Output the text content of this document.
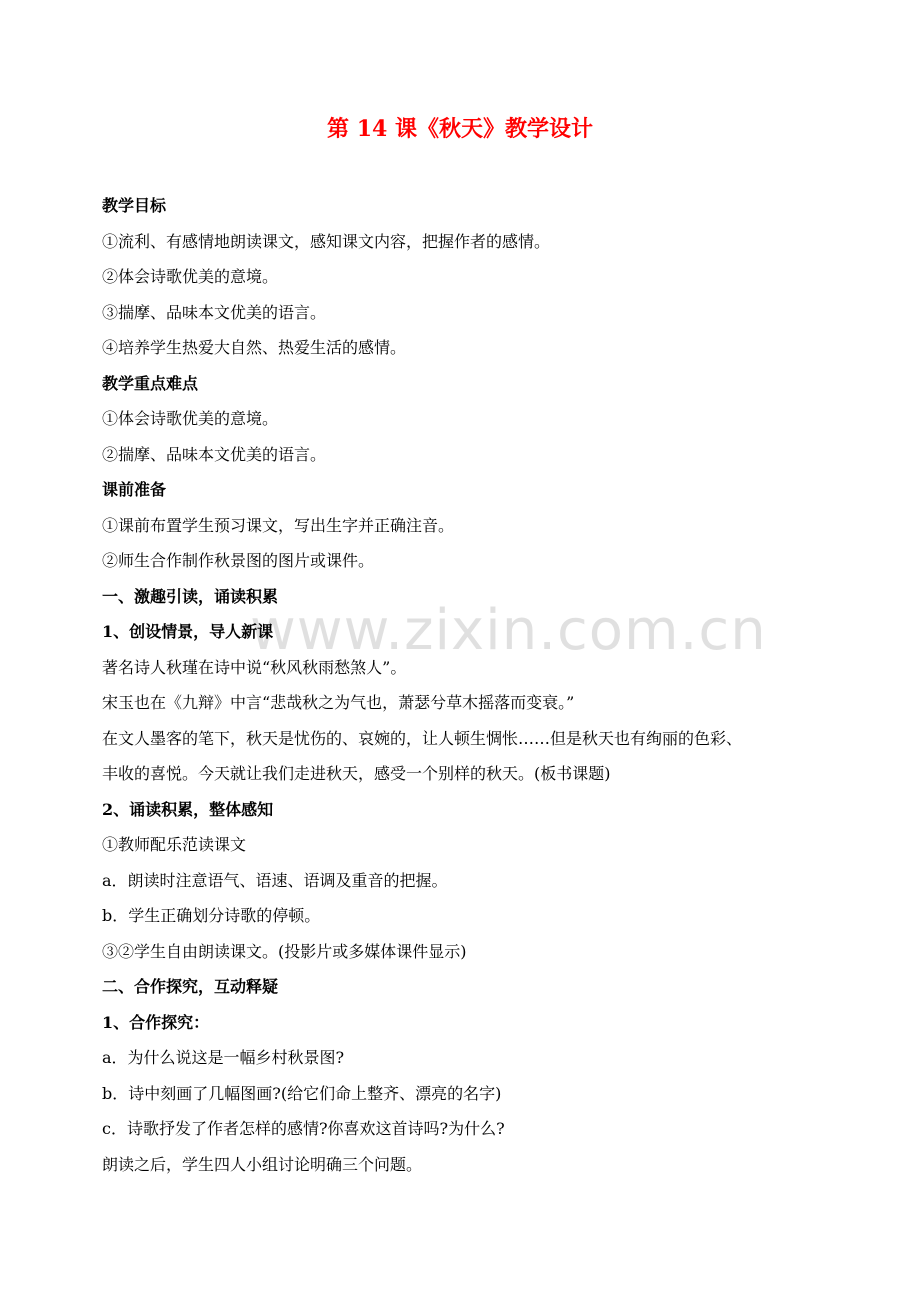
第 14 课《秋天》教学设计
www.zixin.com.cn
教学目标
①流利、有感情地朗读课文，感知课文内容，把握作者的感情。
②体会诗歌优美的意境。
③揣摩、品味本文优美的语言。
④培养学生热爱大自然、热爱生活的感情。
教学重点难点
①体会诗歌优美的意境。
②揣摩、品味本文优美的语言。
课前准备
①课前布置学生预习课文，写出生字并正确注音。
②师生合作制作秋景图的图片或课件。
一、激趣引读，诵读积累
1、创设情景，导人新课
著名诗人秋瑾在诗中说“秋风秋雨愁煞人”。
宋玉也在《九辩》中言“悲哉秋之为气也，萧瑟兮草木摇落而变衰。”
在文人墨客的笔下，秋天是忧伤的、哀婉的，让人顿生惆怅……但是秋天也有绚丽的色彩、
丰收的喜悦。今天就让我们走进秋天，感受一个别样的秋天。(板书课题)
2、诵读积累，整体感知
①教师配乐范读课文
a．朗读时注意语气、语速、语调及重音的把握。
b．学生正确划分诗歌的停顿。
③②学生自由朗读课文。(投影片或多媒体课件显示)
二、合作探究，互动释疑
1、合作探究：
a．为什么说这是一幅乡村秋景图?
b．诗中刻画了几幅图画?(给它们命上整齐、漂亮的名字)
c．诗歌抒发了作者怎样的感情?你喜欢这首诗吗?为什么?
朗读之后，学生四人小组讨论明确三个问题。
